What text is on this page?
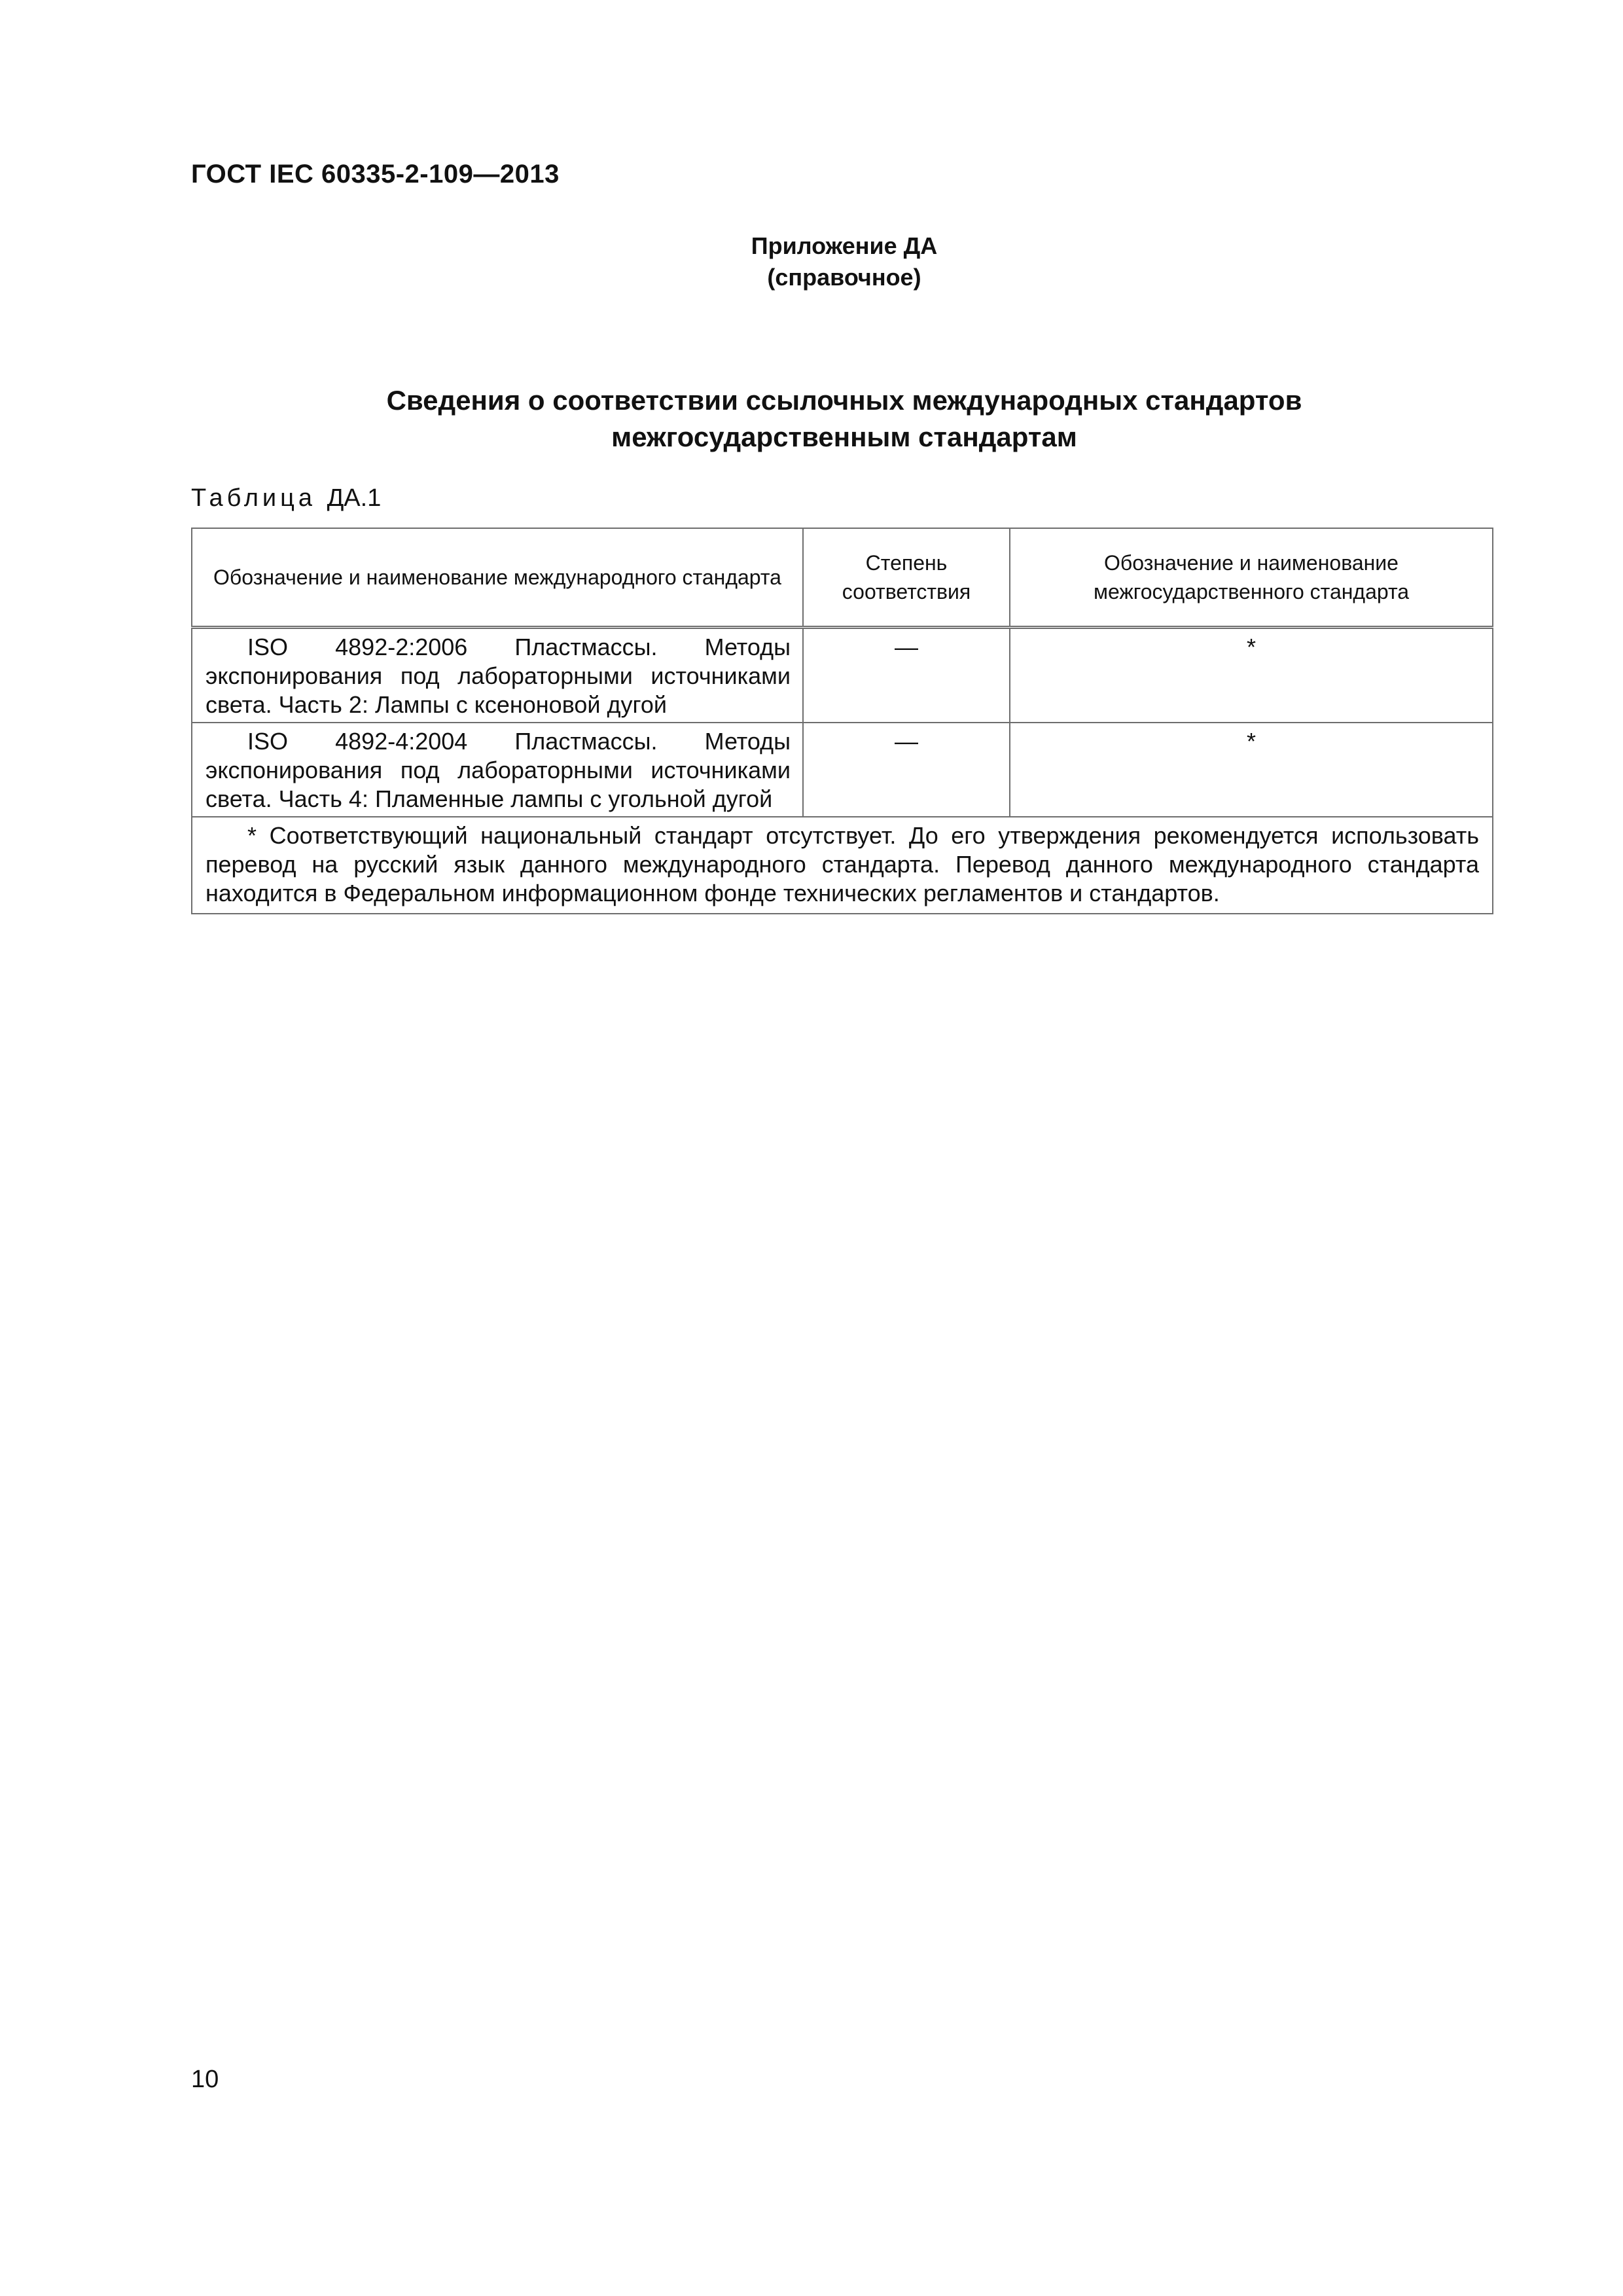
ГОСТ IEC 60335-2-109—2013
Приложение ДА
(справочное)
Сведения о соответствии ссылочных международных стандартов
межгосударственным стандартам
Таблица ДА.1
Обозначение и наименование международного стандарта	Степень соответствия	Обозначение и наименование межгосударственного стандарта
ISO 4892-2:2006 Пластмассы. Методы экспонирования под лабораторными источниками света. Часть 2: Лампы с ксеноновой дугой	—	*
ISO 4892-4:2004 Пластмассы. Методы экспонирования под лабораторными источниками света. Часть 4: Пламенные лампы с угольной дугой	—	*
* Соответствующий национальный стандарт отсутствует. До его утверждения рекомендуется использовать перевод на русский язык данного международного стандарта. Перевод данного международного стандарта находится в Федеральном информационном фонде технических регламентов и стандартов.		
10
